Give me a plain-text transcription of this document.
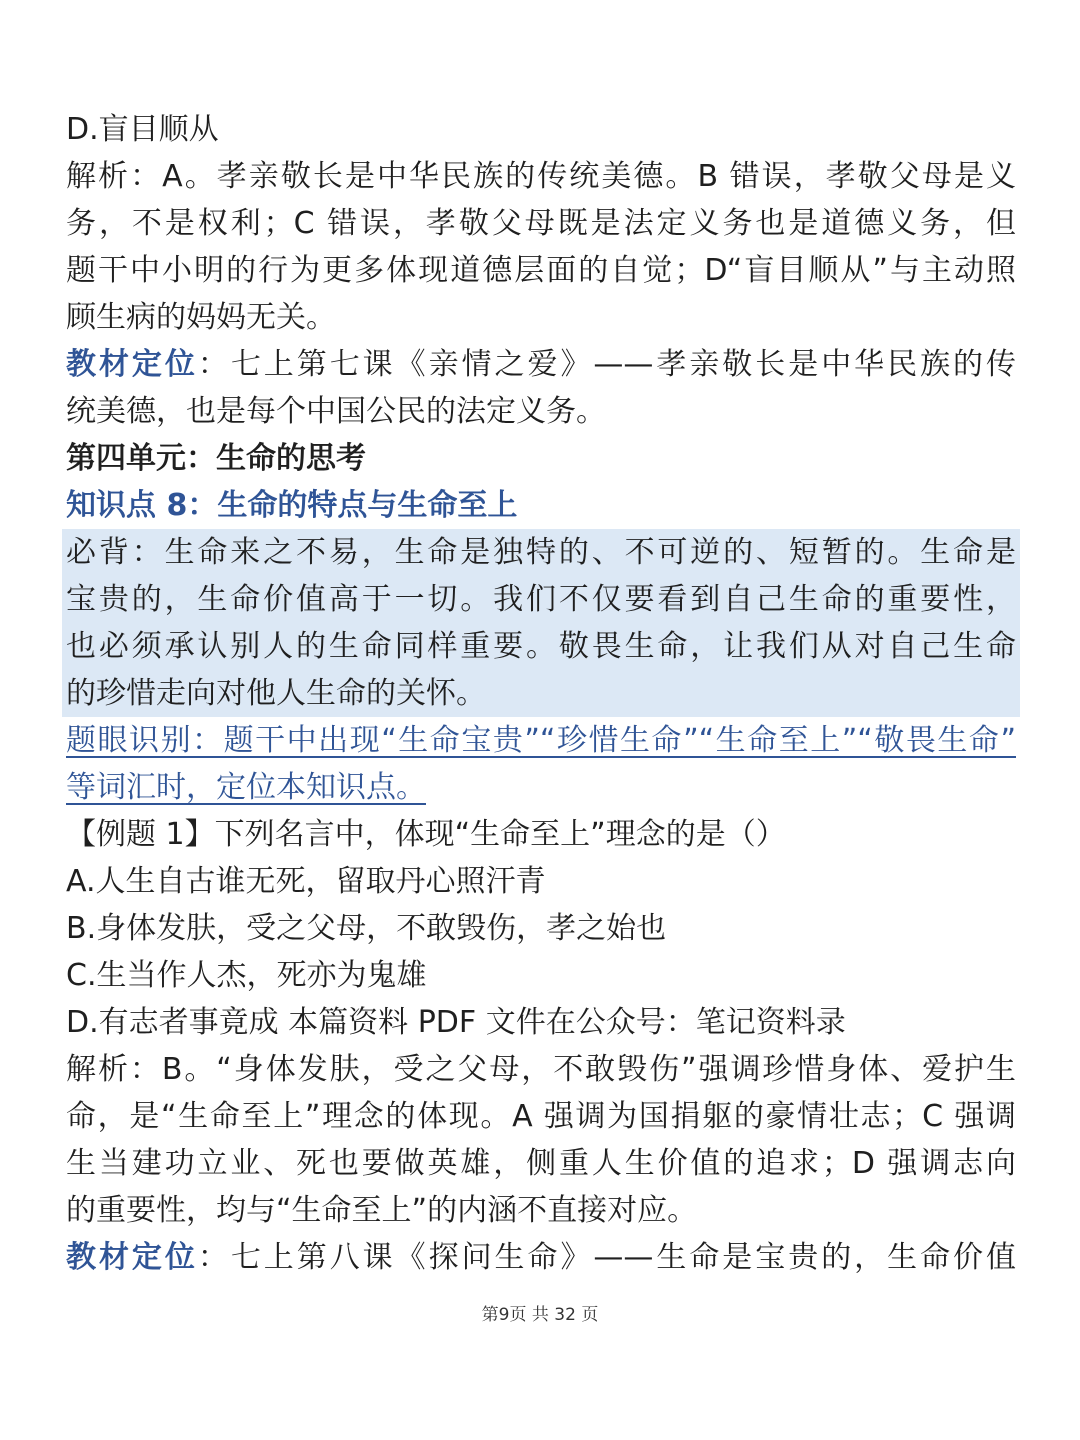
D.盲目顺从
解析：A。孝亲敬长是中华民族的传统美德。B 错误，孝敬父母是义
务，不是权利；C 错误，孝敬父母既是法定义务也是道德义务，但
题干中小明的行为更多体现道德层面的自觉；D“盲目顺从”与主动照
顾生病的妈妈无关。
教材定位：七上第七课《亲情之爱》——孝亲敬长是中华民族的传
统美德，也是每个中国公民的法定义务。
第四单元：生命的思考
知识点 8：生命的特点与生命至上
必背：生命来之不易，生命是独特的、不可逆的、短暂的。生命是
宝贵的，生命价值高于一切。我们不仅要看到自己生命的重要性，
也必须承认别人的生命同样重要。敬畏生命，让我们从对自己生命
的珍惜走向对他人生命的关怀。
题眼识别：题干中出现“生命宝贵”“珍惜生命”“生命至上”“敬畏生命”
等词汇时，定位本知识点。
【例题 1】下列名言中，体现“生命至上”理念的是（）
A.人生自古谁无死，留取丹心照汗青
B.身体发肤，受之父母，不敢毁伤，孝之始也
C.生当作人杰，死亦为鬼雄
D.有志者事竟成 本篇资料 PDF 文件在公众号：笔记资料录
解析：B。“身体发肤，受之父母，不敢毁伤”强调珍惜身体、爱护生
命，是“生命至上”理念的体现。A 强调为国捐躯的豪情壮志；C 强调
生当建功立业、死也要做英雄，侧重人生价值的追求；D 强调志向
的重要性，均与“生命至上”的内涵不直接对应。
教材定位：七上第八课《探问生命》——生命是宝贵的，生命价值
第9页 共 32 页
